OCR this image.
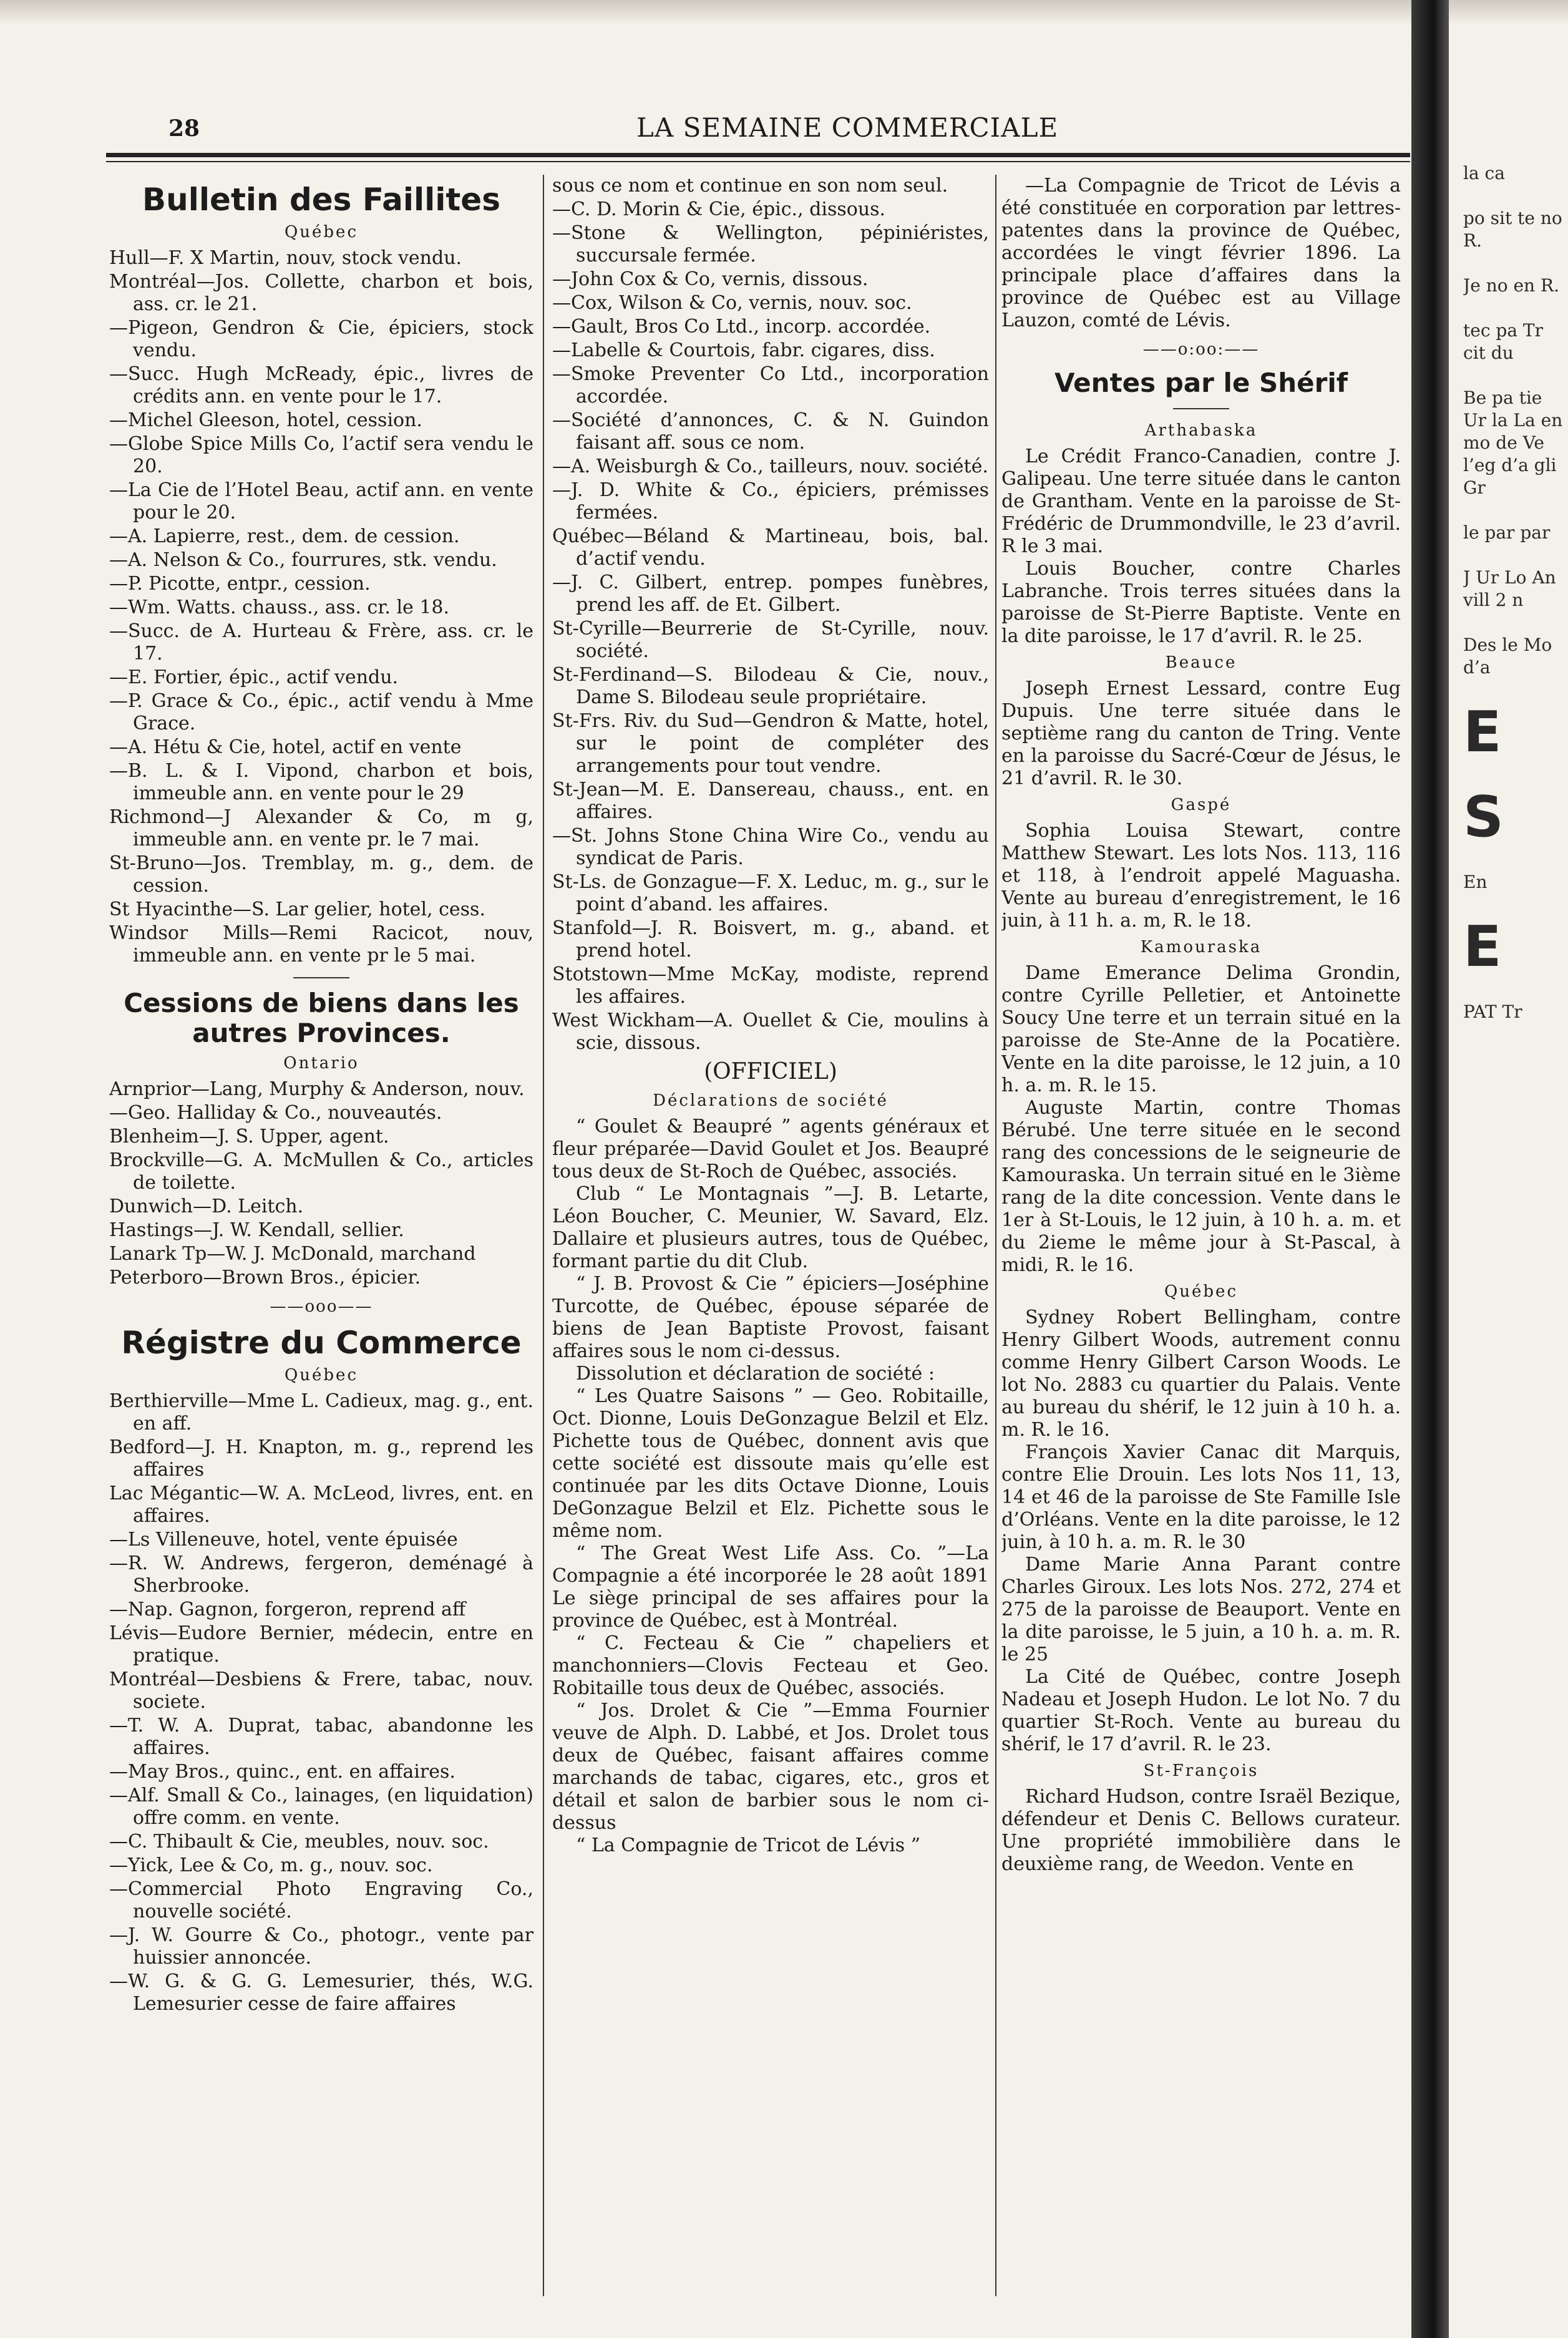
28	LA SEMAINE COMMERCIALE
Bulletin des Faillites
Québec
Hull—F. X Martin, nouv, stock vendu.
Montréal—Jos. Collette, charbon et bois, ass. cr. le 21.
—Pigeon, Gendron & Cie, épiciers, stock vendu.
—Succ. Hugh McReady, épic., livres de crédits ann. en vente pour le 17.
—Michel Gleeson, hotel, cession.
—Globe Spice Mills Co, l’actif sera vendu le 20.
—La Cie de l’Hotel Beau, actif ann. en vente pour le 20.
—A. Lapierre, rest., dem. de cession.
—A. Nelson & Co., fourrures, stk. vendu.
—P. Picotte, entpr., cession.
—Wm. Watts. chauss., ass. cr. le 18.
—Succ. de A. Hurteau & Frère, ass. cr. le 17.
—E. Fortier, épic., actif vendu.
—P. Grace & Co., épic., actif vendu à Mme Grace.
—A. Hétu & Cie, hotel, actif en vente
—B. L. & I. Vipond, charbon et bois, immeuble ann. en vente pour le 29
Richmond—J Alexander & Co, m g, immeuble ann. en vente pr. le 7 mai.
St-Bruno—Jos. Tremblay, m. g., dem. de cession.
St Hyacinthe—S. Lar gelier, hotel, cess.
Windsor Mills—Remi Racicot, nouv, immeuble ann. en vente pr le 5 mai.
Cessions de biens dans les autres Provinces.
Ontario
Arnprior—Lang, Murphy & Anderson, nouv.
—Geo. Halliday & Co., nouveautés.
Blenheim—J. S. Upper, agent.
Brockville—G. A. McMullen & Co., articles de toilette.
Dunwich—D. Leitch.
Hastings—J. W. Kendall, sellier.
Lanark Tp—W. J. McDonald, marchand
Peterboro—Brown Bros., épicier.
——ooo——
Régistre du Commerce
Québec
Berthierville—Mme L. Cadieux, mag. g., ent. en aff.
Bedford—J. H. Knapton, m. g., reprend les affaires
Lac Mégantic—W. A. McLeod, livres, ent. en affaires.
—Ls Villeneuve, hotel, vente épuisée
—R. W. Andrews, fergeron, deménagé à Sherbrooke.
—Nap. Gagnon, forgeron, reprend aff
Lévis—Eudore Bernier, médecin, entre en pratique.
Montréal—Desbiens & Frere, tabac, nouv. societe.
—T. W. A. Duprat, tabac, abandonne les affaires.
—May Bros., quinc., ent. en affaires.
—Alf. Small & Co., lainages, (en liquidation) offre comm. en vente.
—C. Thibault & Cie, meubles, nouv. soc.
—Yick, Lee & Co, m. g., nouv. soc.
—Commercial Photo Engraving Co., nouvelle société.
—J. W. Gourre & Co., photogr., vente par huissier annoncée.
—W. G. & G. G. Lemesurier, thés, W.G. Lemesurier cesse de faire affaires
sous ce nom et continue en son nom seul.
—C. D. Morin & Cie, épic., dissous.
—Stone & Wellington, pépiniéristes, succursale fermée.
—John Cox & Co, vernis, dissous.
—Cox, Wilson & Co, vernis, nouv. soc.
—Gault, Bros Co Ltd., incorp. accordée.
—Labelle & Courtois, fabr. cigares, diss.
—Smoke Preventer Co Ltd., incorporation accordée.
—Société d’annonces, C. & N. Guindon faisant aff. sous ce nom.
—A. Weisburgh & Co., tailleurs, nouv. société.
—J. D. White & Co., épiciers, prémisses fermées.
Québec—Béland & Martineau, bois, bal. d’actif vendu.
—J. C. Gilbert, entrep. pompes funèbres, prend les aff. de Et. Gilbert.
St-Cyrille—Beurrerie de St-Cyrille, nouv. société.
St-Ferdinand—S. Bilodeau & Cie, nouv., Dame S. Bilodeau seule propriétaire.
St-Frs. Riv. du Sud—Gendron & Matte, hotel, sur le point de compléter des arrangements pour tout vendre.
St-Jean—M. E. Dansereau, chauss., ent. en affaires.
—St. Johns Stone China Wire Co., vendu au syndicat de Paris.
St-Ls. de Gonzague—F. X. Leduc, m. g., sur le point d’aband. les affaires.
Stanfold—J. R. Boisvert, m. g., aband. et prend hotel.
Stotstown—Mme McKay, modiste, reprend les affaires.
West Wickham—A. Ouellet & Cie, moulins à scie, dissous.
(OFFICIEL)
Déclarations de société
“ Goulet & Beaupré ” agents généraux et fleur préparée—David Goulet et Jos. Beaupré tous deux de St-Roch de Québec, associés.
Club “ Le Montagnais ”—J. B. Letarte, Léon Boucher, C. Meunier, W. Savard, Elz. Dallaire et plusieurs autres, tous de Québec, formant partie du dit Club.
“ J. B. Provost & Cie ” épiciers—Joséphine Turcotte, de Québec, épouse séparée de biens de Jean Baptiste Provost, faisant affaires sous le nom ci-dessus.
Dissolution et déclaration de société :
“ Les Quatre Saisons ” — Geo. Robitaille, Oct. Dionne, Louis DeGonzague Belzil et Elz. Pichette tous de Québec, donnent avis que cette société est dissoute mais qu’elle est continuée par les dits Octave Dionne, Louis DeGonzague Belzil et Elz. Pichette sous le même nom.
“ The Great West Life Ass. Co. ”—La Compagnie a été incorporée le 28 août 1891 Le siège principal de ses affaires pour la province de Québec, est à Montréal.
“ C. Fecteau & Cie ” chapeliers et manchonniers—Clovis Fecteau et Geo. Robitaille tous deux de Québec, associés.
“ Jos. Drolet & Cie ”—Emma Fournier veuve de Alph. D. Labbé, et Jos. Drolet tous deux de Québec, faisant affaires comme marchands de tabac, cigares, etc., gros et détail et salon de barbier sous le nom ci-dessus
“ La Compagnie de Tricot de Lévis ”
—La Compagnie de Tricot de Lévis a été constituée en corporation par lettres-patentes dans la province de Québec, accordées le vingt février 1896. La principale place d’affaires dans la province de Québec est au Village Lauzon, comté de Lévis.
——o:oo:——
Ventes par le Shérif
Arthabaska
Le Crédit Franco-Canadien, contre J. Galipeau. Une terre située dans le canton de Grantham. Vente en la paroisse de St-Frédéric de Drummondville, le 23 d’avril. R le 3 mai.
Louis Boucher, contre Charles Labranche. Trois terres situées dans la paroisse de St-Pierre Baptiste. Vente en la dite paroisse, le 17 d’avril. R. le 25.
Beauce
Joseph Ernest Lessard, contre Eug Dupuis. Une terre située dans le septième rang du canton de Tring. Vente en la paroisse du Sacré-Cœur de Jésus, le 21 d’avril. R. le 30.
Gaspé
Sophia Louisa Stewart, contre Matthew Stewart. Les lots Nos. 113, 116 et 118, à l’endroit appelé Maguasha. Vente au bureau d’enregistrement, le 16 juin, à 11 h. a. m, R. le 18.
Kamouraska
Dame Emerance Delima Grondin, contre Cyrille Pelletier, et Antoinette Soucy Une terre et un terrain situé en la paroisse de Ste-Anne de la Pocatière. Vente en la dite paroisse, le 12 juin, a 10 h. a. m. R. le 15.
Auguste Martin, contre Thomas Bérubé. Une terre située en le second rang des concessions de le seigneurie de Kamouraska. Un terrain situé en le 3ième rang de la dite concession. Vente dans le 1er à St-Louis, le 12 juin, à 10 h. a. m. et du 2ieme le même jour à St-Pascal, à midi, R. le 16.
Québec
Sydney Robert Bellingham, contre Henry Gilbert Woods, autrement connu comme Henry Gilbert Carson Woods. Le lot No. 2883 cu quartier du Palais. Vente au bureau du shérif, le 12 juin à 10 h. a. m. R. le 16.
François Xavier Canac dit Marquis, contre Elie Drouin. Les lots Nos 11, 13, 14 et 46 de la paroisse de Ste Famille Isle d’Orléans. Vente en la dite paroisse, le 12 juin, à 10 h. a. m. R. le 30
Dame Marie Anna Parant contre Charles Giroux. Les lots Nos. 272, 274 et 275 de la paroisse de Beauport. Vente en la dite paroisse, le 5 juin, a 10 h. a. m. R. le 25
La Cité de Québec, contre Joseph Nadeau et Joseph Hudon. Le lot No. 7 du quartier St-Roch. Vente au bureau du shérif, le 17 d’avril. R. le 23.
St-François
Richard Hudson, contre Israël Bezique, défendeur et Denis C. Bellows curateur. Une propriété immobilière dans le deuxième rang, de Weedon. Vente en
la ca
po sit te no R.
Je no en R.
tec pa Tr cit du
Be pa tie Ur la La en mo de Ve l’eg d’a gli Gr
le par par
J Ur Lo An vill 2 n
Des le Mo d’a
E
S
En
E
PAT Tr
